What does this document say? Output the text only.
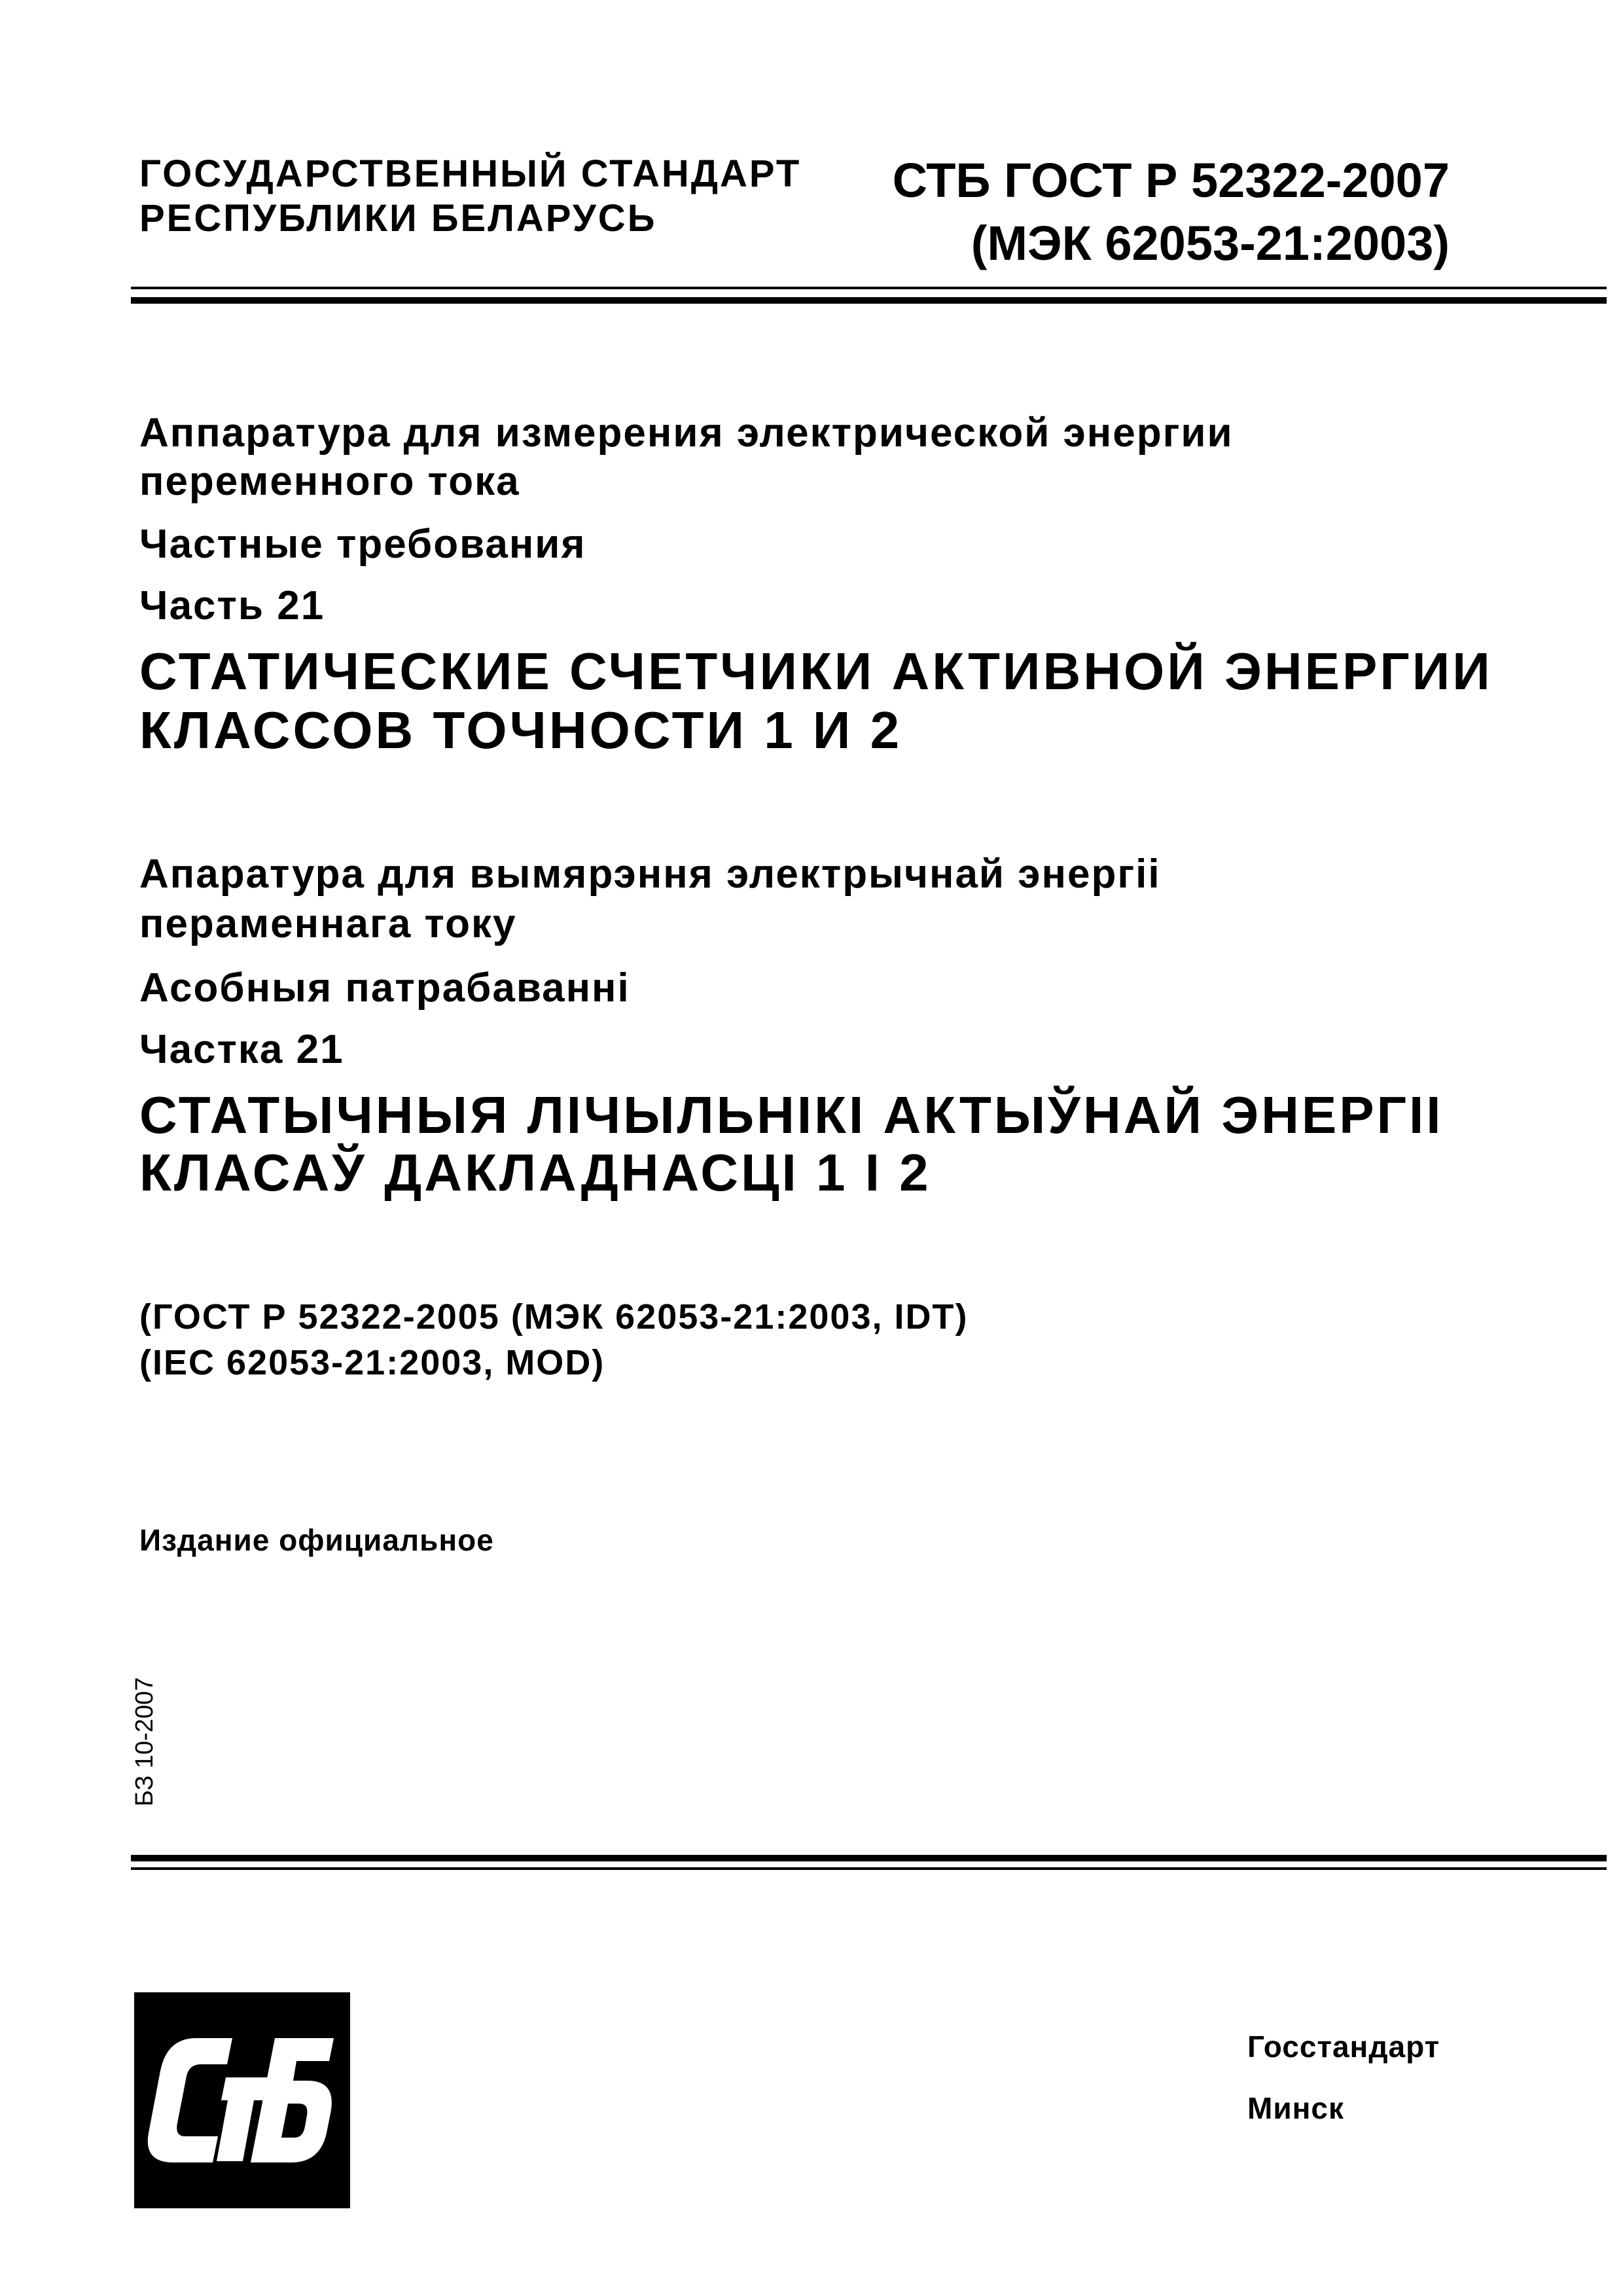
ГОСУДАРСТВЕННЫЙ СТАНДАРТ
РЕСПУБЛИКИ БЕЛАРУСЬ
СТБ ГОСТ Р 52322-2007
(МЭК 62053-21:2003)
Аппаратура для измерения электрической энергии
переменного тока
Частные требования
Часть 21
СТАТИЧЕСКИЕ СЧЕТЧИКИ АКТИВНОЙ ЭНЕРГИИ
КЛАССОВ ТОЧНОСТИ 1 И 2
Апаратура для вымярэння электрычнай энергіі
пераменнага току
Асобныя патрабаванні
Частка 21
СТАТЫЧНЫЯ ЛІЧЫЛЬНІКІ АКТЫЎНАЙ ЭНЕРГІІ
КЛАСАЎ ДАКЛАДНАСЦІ 1 І 2
(ГОСТ Р 52322-2005 (МЭК 62053-21:2003, IDT)
(IEC 62053-21:2003, MOD)
Издание официальное
БЗ 10-2007
Госстандарт
Минск
